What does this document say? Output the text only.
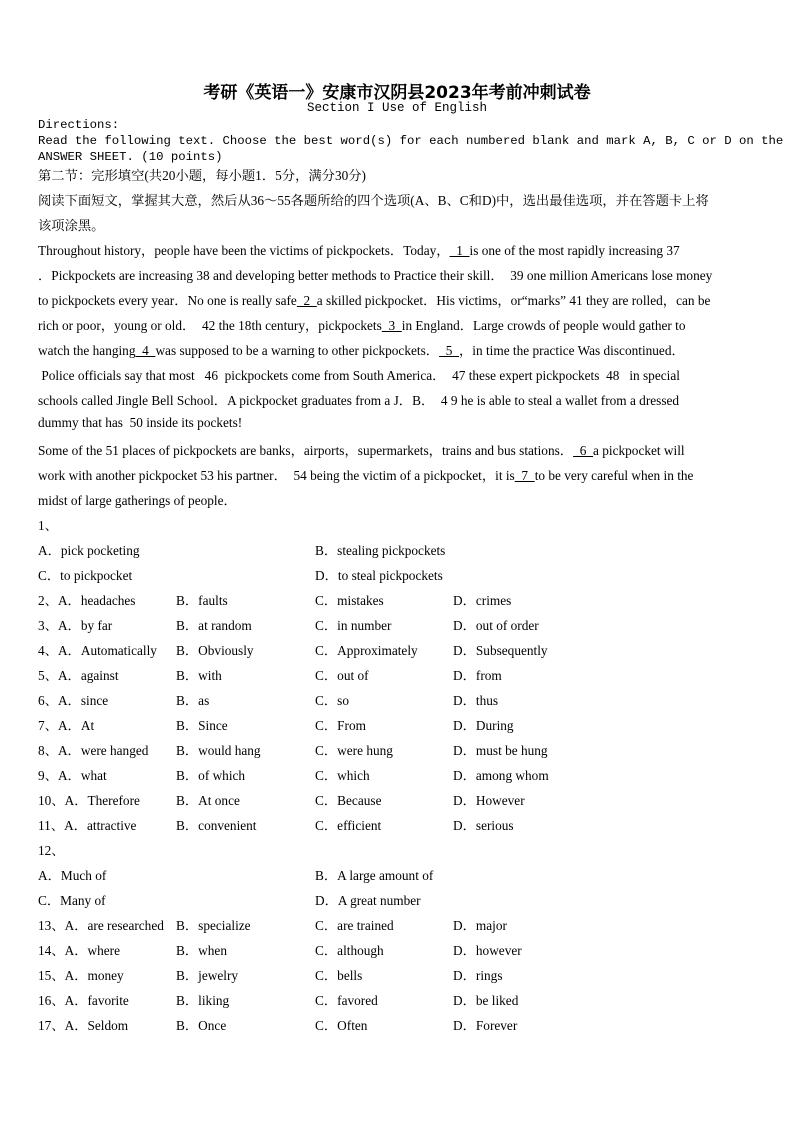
考研《英语一》安康市汉阴县2023年考前冲刺试卷
Section I Use of English
Directions:
Read the following text. Choose the best word(s) for each numbered blank and mark A, B, C or D on the
ANSWER SHEET. (10 points)
第二节：完形填空(共20小题，每小题1．5分，满分30分)
阅读下面短文，掌握其大意，然后从36～55各题所给的四个选项(A、B、C和D)中，选出最佳选项，并在答题卡上将
该项涂黑。
Throughout history，people have been the victims of pickpockets．Today，  1  is one of the most rapidly increasing 37
．Pickpockets are increasing 38 and developing better methods to Practice their skill．  39 one million Americans lose money
to pickpockets every year．No one is really safe  2  a skilled pickpocket．His victims，or“marks” 41 they are rolled，can be
rich or poor，young or old．  42 the 18th century，pickpockets  3  in England．Large crowds of people would gather to
watch the hanging  4  was supposed to be a warning to other pickpockets．  5  ，in time the practice Was discontinued．
Police officials say that most   46  pickpockets come from South America．  47 these expert pickpockets  48   in special
schools called Jingle Bell School．A pickpocket graduates from a J．B．  4 9 he is able to steal a wallet from a dressed
dummy that has  50 inside its pockets!
Some of the 51 places of pickpockets are banks，airports，supermarkets，trains and bus stations．  6  a pickpocket will
work with another pickpocket 53 his partner．  54 being the victim of a pickpocket，it is  7  to be very careful when in the
midst of large gatherings of people．
1、
A．pick pocketing	B．stealing pickpockets
C．to pickpocket	D．to steal pickpockets
2、A．headaches	B．faults	C．mistakes	D．crimes
3、A．by far	B．at random	C．in number	D．out of order
4、A．Automatically B．Obviously	C．Approximately	D．Subsequently
5、A．against	B．with	C．out of	D．from
6、A．since	B．as	C．so	D．thus
7、A．At	B．Since	C．From	D．During
8、A．were hanged B．would hang	C．were hung	D．must be hung
9、A．what	B．of which	C．which	D．among whom
10、A．Therefore	B．At once	C．Because	D．However
11、A．attractive	B．convenient	C．efficient	D．serious
12、
A．Much of	B．A large amount of
C．Many of	D．A great number
13、A．are researched B．specialize	C．are trained	D．major
14、A．where	B．when	C．although	D．however
15、A．money	B．jewelry	C．bells	D．rings
16、A．favorite	B．liking	C．favored	D．be liked
17、A．Seldom	B．Once	C．Often	D．Forever
